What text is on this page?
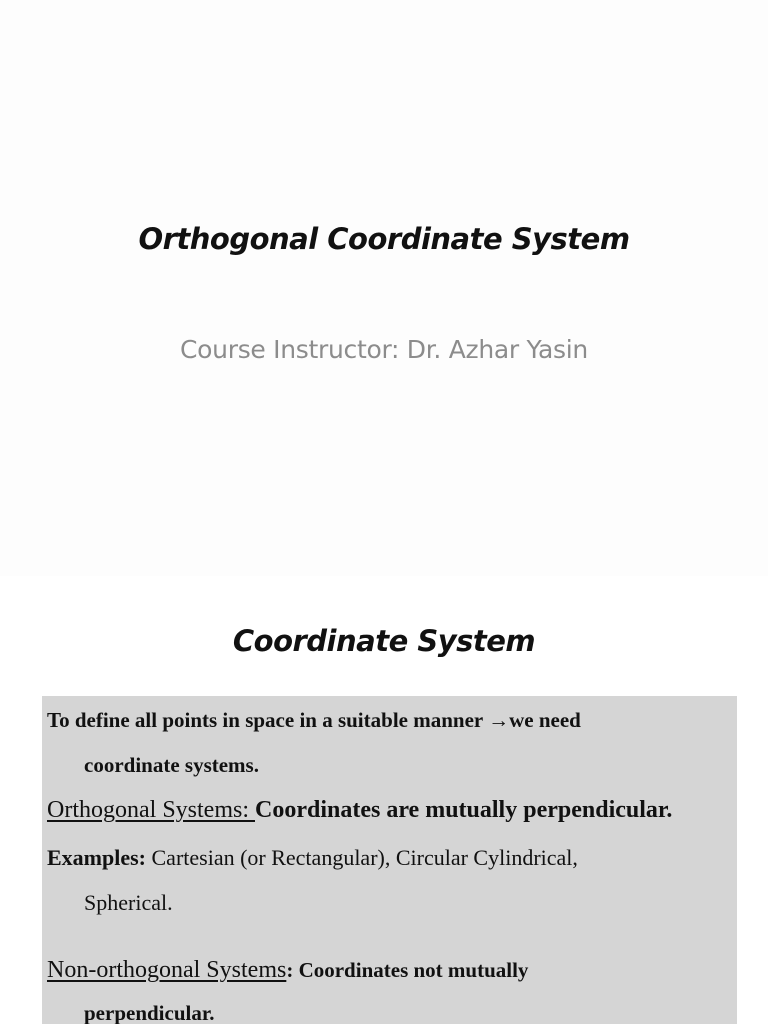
Orthogonal Coordinate System
Course Instructor: Dr. Azhar Yasin
Coordinate System
To define all points in space in a suitable manner →we need
coordinate systems.
Orthogonal Systems: Coordinates are mutually perpendicular.
Examples: Cartesian (or Rectangular), Circular Cylindrical,
Spherical.
Non-orthogonal Systems: Coordinates not mutually
perpendicular.
